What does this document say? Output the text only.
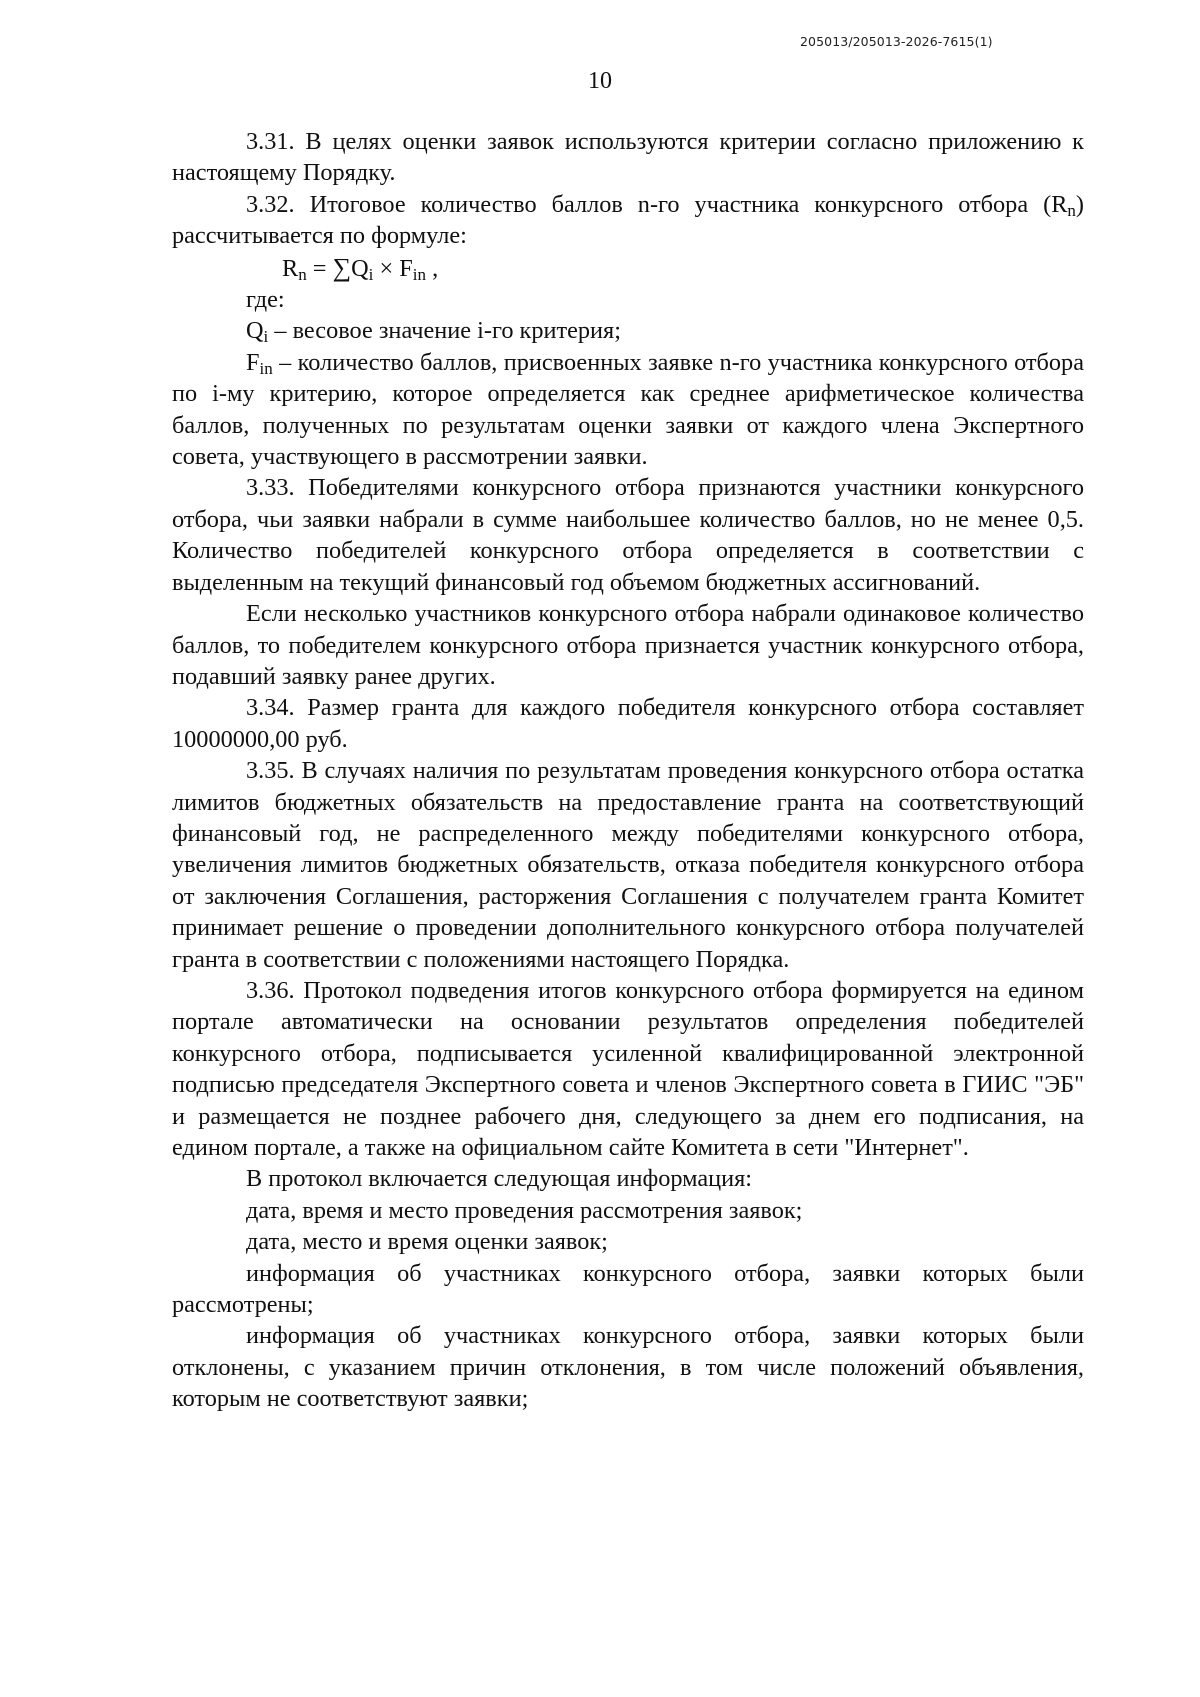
205013/205013-2026-7615(1)
10

3.31. В целях оценки заявок используются критерии согласно приложению к настоящему Порядку.

3.32. Итоговое количество баллов n-го участника конкурсного отбора $(R_n)$ рассчитывается по формуле:

$R_n = \sum Q_i \times F_{in}$ ,

где:

$Q_i$ – весовое значение i-го критерия;

$F_{in}$ – количество баллов, присвоенных заявке n-го участника конкурсного отбора по i-му критерию, которое определяется как среднее арифметическое количества баллов, полученных по результатам оценки заявки от каждого члена Экспертного совета, участвующего в рассмотрении заявки.

3.33. Победителями конкурсного отбора признаются участники конкурсного отбора, чьи заявки набрали в сумме наибольшее количество баллов, но не менее 0,5. Количество победителей конкурсного отбора определяется в соответствии с выделенным на текущий финансовый год объемом бюджетных ассигнований.

Если несколько участников конкурсного отбора набрали одинаковое количество баллов, то победителем конкурсного отбора признается участник конкурсного отбора, подавший заявку ранее других.

3.34. Размер гранта для каждого победителя конкурсного отбора составляет 10000000,00 руб.

3.35. В случаях наличия по результатам проведения конкурсного отбора остатка лимитов бюджетных обязательств на предоставление гранта на соответствующий финансовый год, не распределенного между победителями конкурсного отбора, увеличения лимитов бюджетных обязательств, отказа победителя конкурсного отбора от заключения Соглашения, расторжения Соглашения с получателем гранта Комитет принимает решение о проведении дополнительного конкурсного отбора получателей гранта в соответствии с положениями настоящего Порядка.

3.36. Протокол подведения итогов конкурсного отбора формируется на едином портале автоматически на основании результатов определения победителей конкурсного отбора, подписывается усиленной квалифицированной электронной подписью председателя Экспертного совета и членов Экспертного совета в ГИИС "ЭБ" и размещается не позднее рабочего дня, следующего за днем его подписания, на едином портале, а также на официальном сайте Комитета в сети "Интернет".

В протокол включается следующая информация:

дата, время и место проведения рассмотрения заявок;

дата, место и время оценки заявок;

информация об участниках конкурсного отбора, заявки которых были рассмотрены;

информация об участниках конкурсного отбора, заявки которых были отклонены, с указанием причин отклонения, в том числе положений объявления, которым не соответствуют заявки;
